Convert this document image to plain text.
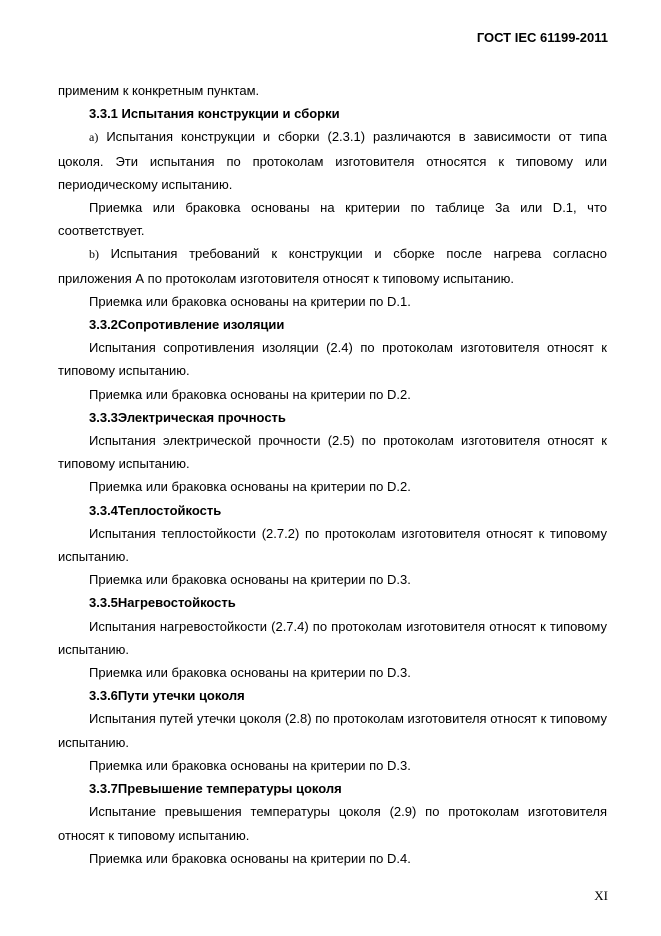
ГОСТ IEC 61199-2011

применим к конкретным пунктам.

3.3.1 Испытания конструкции и сборки

a) Испытания конструкции и сборки (2.3.1) различаются в зависимости от типа цоколя. Эти испытания по протоколам изготовителя относятся к типовому или периодическому испытанию.

Приемка или браковка основаны на критерии по таблице 3а или D.1, что соответствует.

b) Испытания требований к конструкции и сборке после нагрева согласно приложения А по протоколам изготовителя относят к типовому испытанию.

Приемка или браковка основаны на критерии по D.1.

3.3.2Сопротивление изоляции

Испытания сопротивления изоляции (2.4) по протоколам изготовителя относят к типовому испытанию.

Приемка или браковка основаны на критерии по D.2.

3.3.3Электрическая прочность

Испытания электрической прочности (2.5) по протоколам изготовителя относят к типовому испытанию.

Приемка или браковка основаны на критерии по D.2.

3.3.4Теплостойкость

Испытания теплостойкости (2.7.2) по протоколам изготовителя относят к типовому испытанию.

Приемка или браковка основаны на критерии по D.3.

3.3.5Нагревостойкость

Испытания нагревостойкости (2.7.4) по протоколам изготовителя относят к типовому испытанию.

Приемка или браковка основаны на критерии по D.3.

3.3.6Пути утечки цоколя

Испытания путей утечки цоколя (2.8) по протоколам изготовителя относят к типовому испытанию.

Приемка или браковка основаны на критерии по D.3.

3.3.7Превышение температуры цоколя

Испытание превышения температуры цоколя (2.9) по протоколам изготовителя относят к типовому испытанию.

Приемка или браковка основаны на критерии по D.4.

XI
